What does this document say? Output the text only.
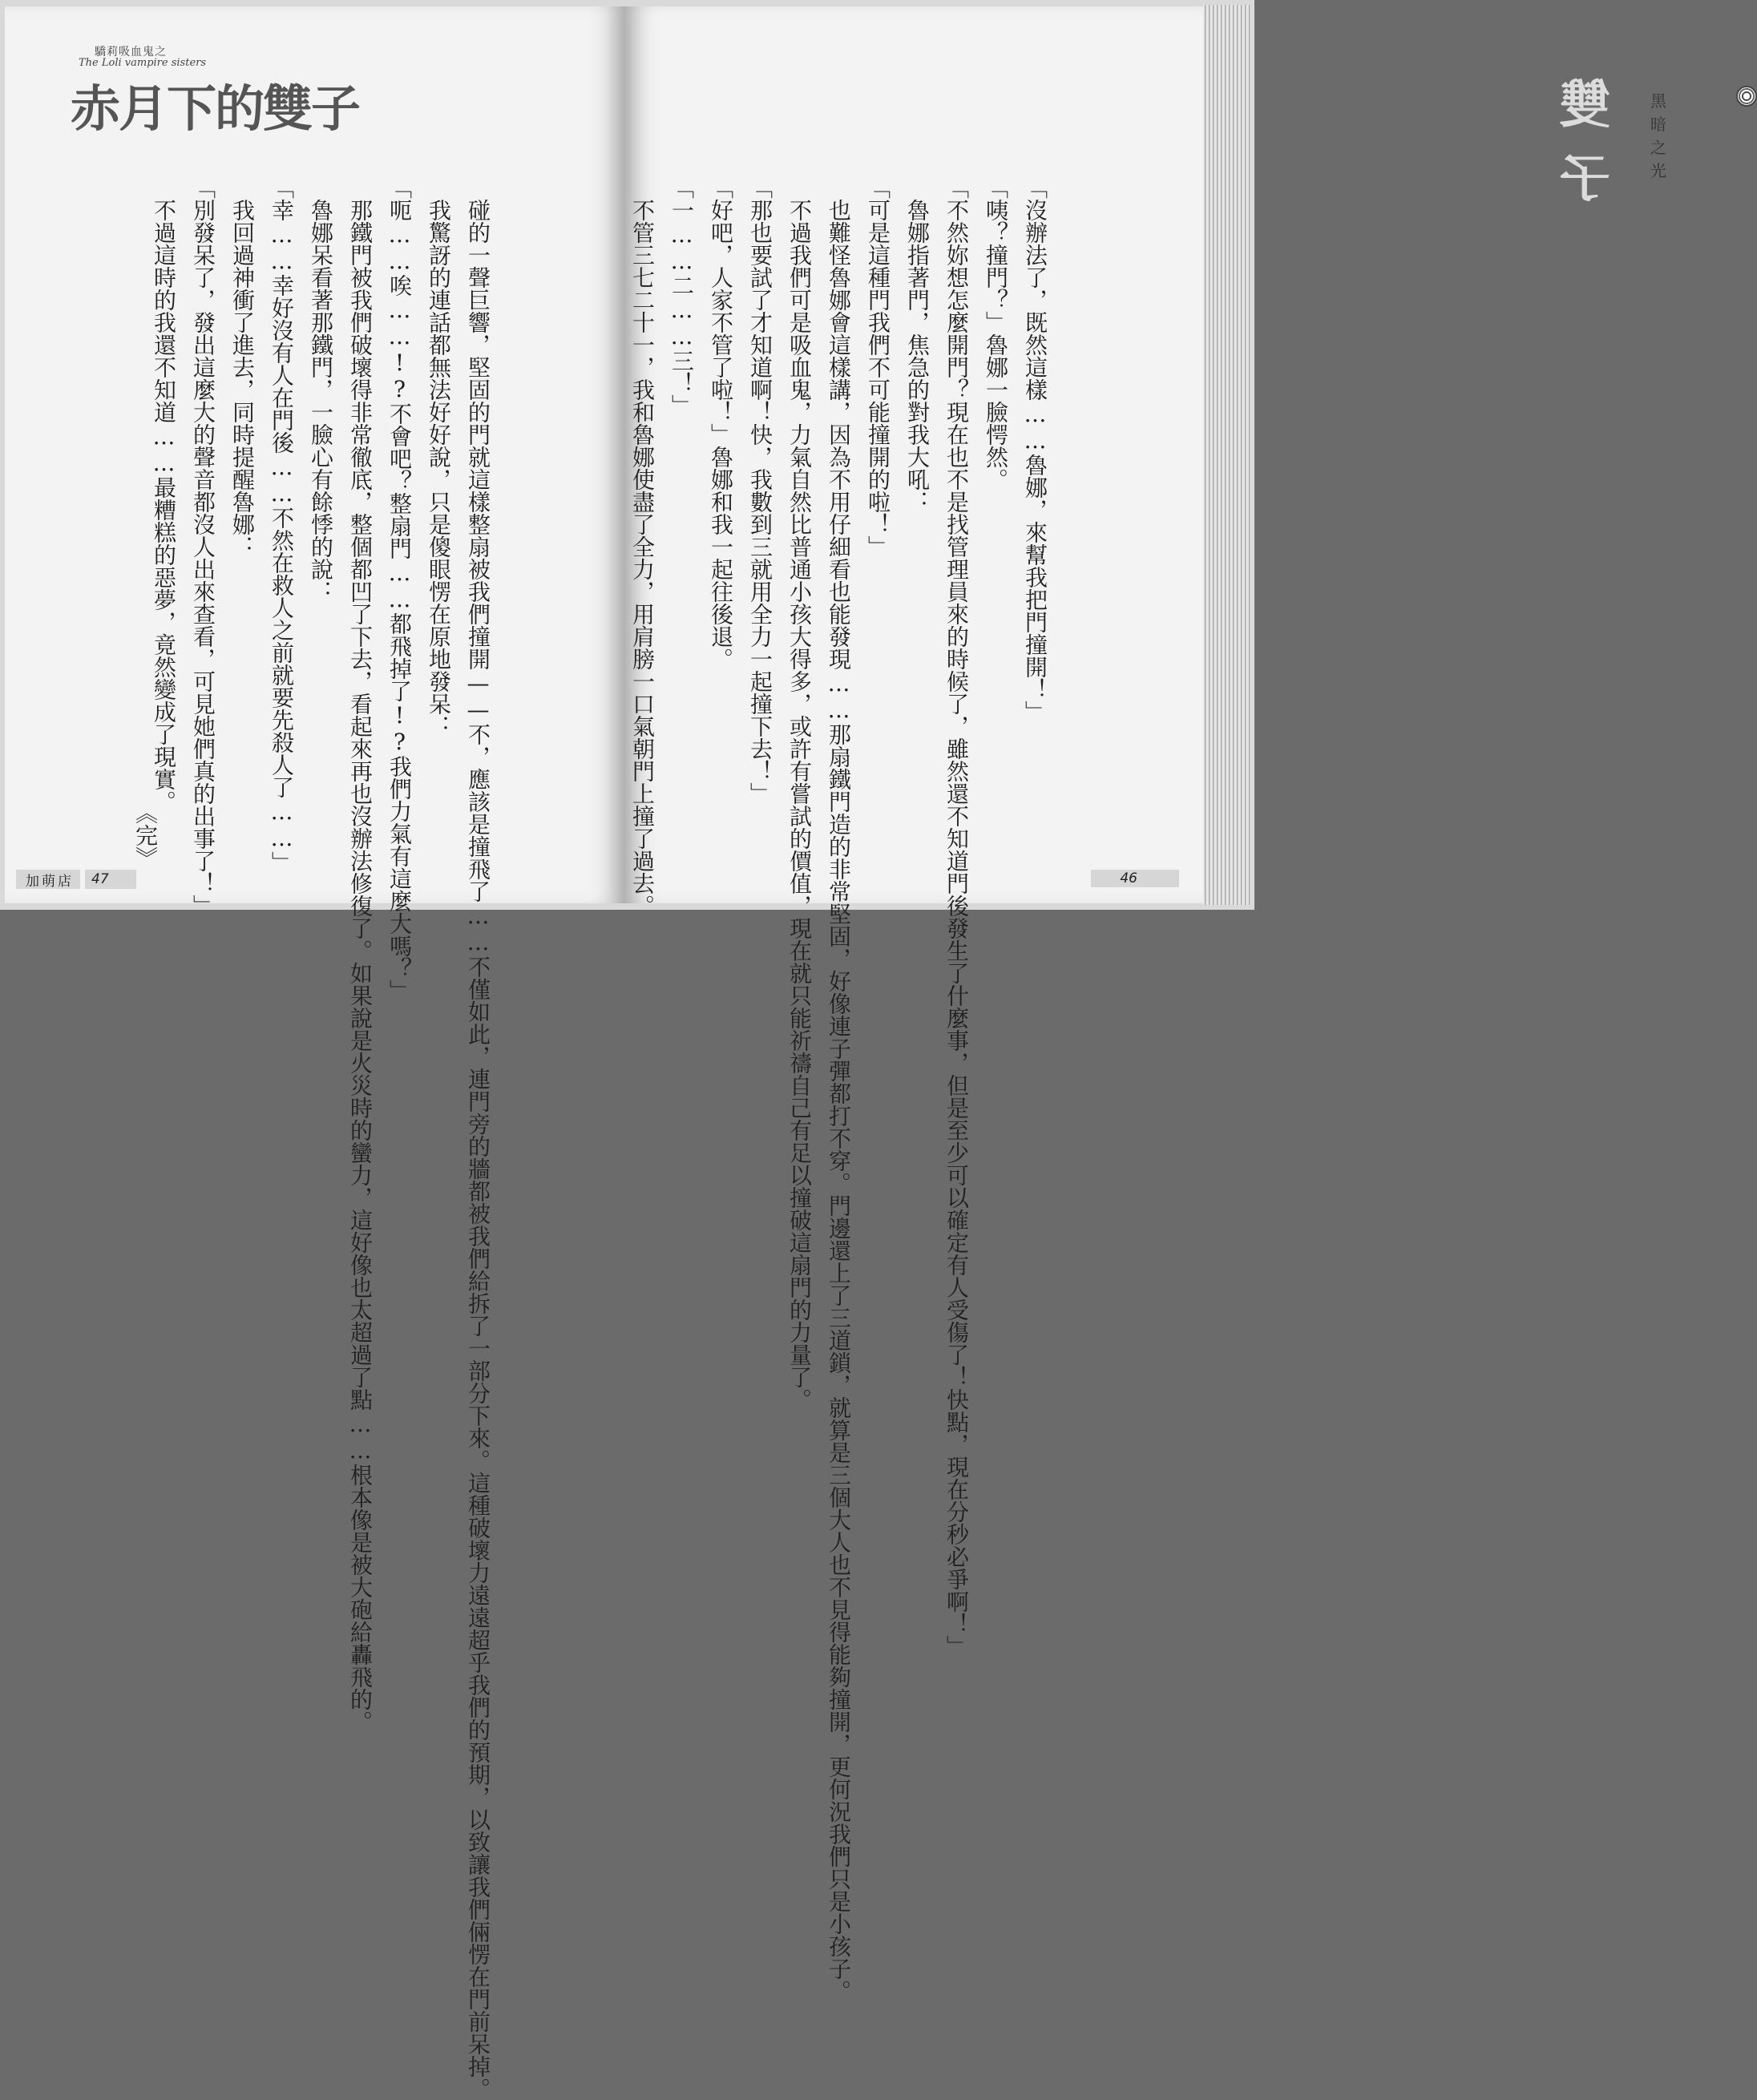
驕莉吸血鬼之
The Loli vampire sisters
赤月下的雙子

碰的一聲巨響，堅固的門就這樣整扇被我們撞開——不，應該是撞飛了……不僅如此，連門旁的牆都被我們給拆了一部分下來。這種破壞力遠遠超乎我們的預期，以致讓我們倆愣在門前呆掉。

我驚訝的連話都無法好好說，只是傻眼愣在原地發呆：

「呃……唉……!?不會吧？整扇門……都飛掉了!?我們力氣有這麼大嗎？」

那鐵門被我們破壞得非常徹底，整個都凹了下去，看起來再也沒辦法修復了。如果說是火災時的蠻力，這好像也太超過了點……根本像是被大砲給轟飛的。

魯娜呆看著那鐵門，一臉心有餘悸的說：

「幸……幸好沒有人在門後……不然在救人之前就要先殺人了……」

我回過神衝了進去，同時提醒魯娜：

「別發呆了，發出這麼大的聲音都沒人出來查看，可見她們真的出事了！」

不過這時的我還不知道……最糟糕的惡夢，竟然變成了現實。

《完》
加萌店 47
雙子
黑暗之光

「沒辦法了，既然這樣……魯娜，來幫我把門撞開！」

「咦？撞門？」魯娜一臉愕然。

「不然妳想怎麼開門？現在也不是找管理員來的時候了，雖然還不知道門後發生了什麼事，但是至少可以確定有人受傷了！快點，現在分秒必爭啊！」

魯娜指著門，焦急的對我大吼：

「可是這種門我們不可能撞開的啦！」

也難怪魯娜會這樣講，因為不用仔細看也能發現……那扇鐵門造的非常堅固，好像連子彈都打不穿。門邊還上了三道鎖，就算是三個大人也不見得能夠撞開，更何況我們只是小孩子。

不過我們可是吸血鬼，力氣自然比普通小孩大得多，或許有嘗試的價值，現在就只能祈禱自己有足以撞破這扇門的力量了。

「那也要試了才知道啊！快，我數到三就用全力一起撞下去！」

「好吧，人家不管了啦！」魯娜和我一起往後退。

「一……二……三！」

不管三七二十一，我和魯娜使盡了全力，用肩膀一口氣朝門上撞了過去。	46
